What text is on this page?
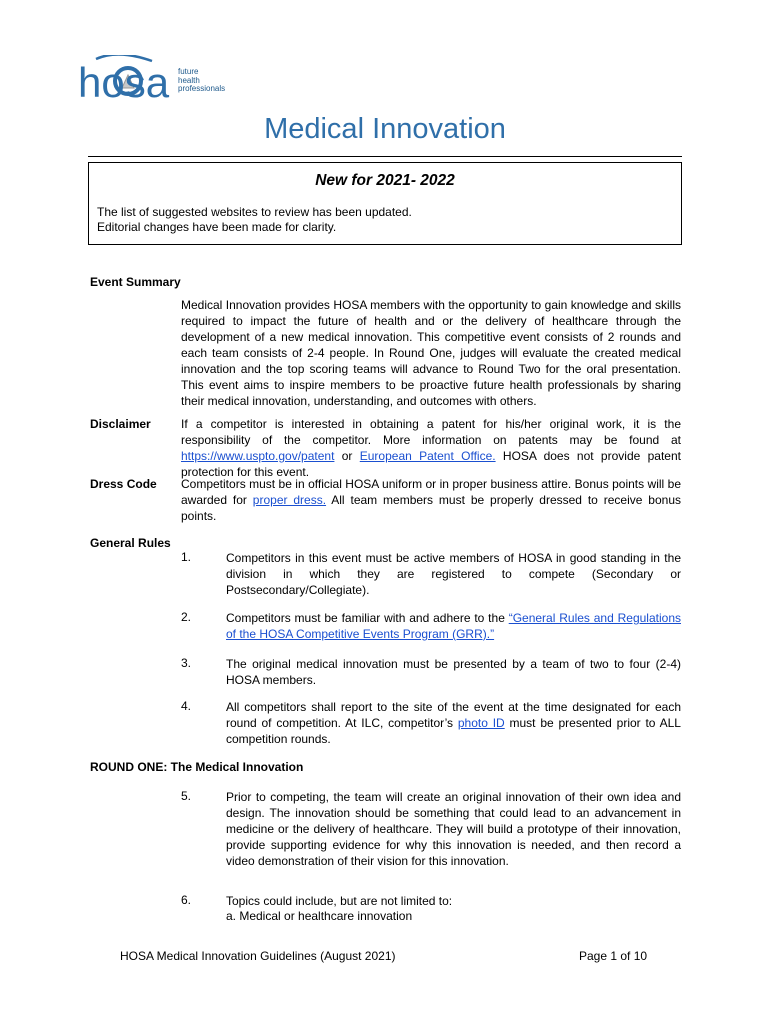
hosa future
health
professionals
Medical Innovation
New for 2021- 2022
The list of suggested websites to review has been updated.
Editorial changes have been made for clarity.
Event Summary
Medical Innovation provides HOSA members with the opportunity to gain knowledge and skills required to impact the future of health and or the delivery of healthcare through the development of a new medical innovation. This competitive event consists of 2 rounds and each team consists of 2-4 people. In Round One, judges will evaluate the created medical innovation and the top scoring teams will advance to Round Two for the oral presentation. This event aims to inspire members to be proactive future health professionals by sharing their medical innovation, understanding, and outcomes with others.
Disclaimer	If a competitor is interested in obtaining a patent for his/her original work, it is the responsibility of the competitor. More information on patents may be found at https://www.uspto.gov/patent or European Patent Office. HOSA does not provide patent protection for this event.
Dress Code Competitors must be in official HOSA uniform or in proper business attire. Bonus points will be awarded for proper dress. All team members must be properly dressed to receive bonus points.
General Rules
1.	Competitors in this event must be active members of HOSA in good standing in the division in which they are registered to compete (Secondary or Postsecondary/Collegiate).
2.	Competitors must be familiar with and adhere to the “General Rules and Regulations of the HOSA Competitive Events Program (GRR).”
3.	The original medical innovation must be presented by a team of two to four (2-4) HOSA members.
4.	All competitors shall report to the site of the event at the time designated for each round of competition. At ILC, competitor’s photo ID must be presented prior to ALL competition rounds.
ROUND ONE: The Medical Innovation
5.	Prior to competing, the team will create an original innovation of their own idea and design. The innovation should be something that could lead to an advancement in medicine or the delivery of healthcare. They will build a prototype of their innovation, provide supporting evidence for why this innovation is needed, and then record a video demonstration of their vision for this innovation.
6.	Topics could include, but are not limited to:
a. Medical or healthcare innovation
HOSA Medical Innovation Guidelines (August 2021)	Page 1 of 10
